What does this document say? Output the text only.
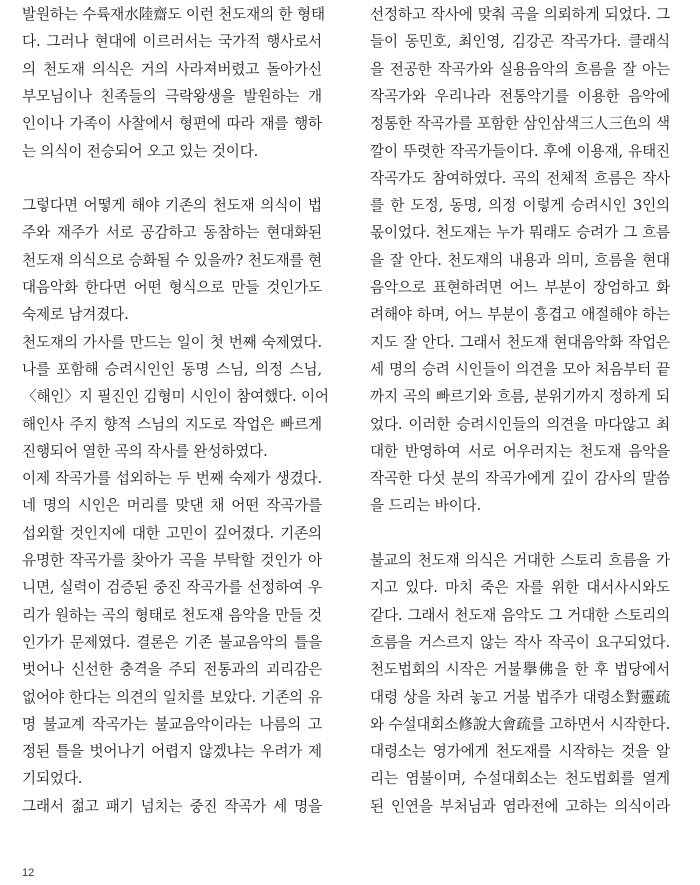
발원하는 수륙재水陸齋도 이런 천도재의 한 형태
다. 그러나 현대에 이르러서는 국가적 행사로서
의 천도재 의식은 거의 사라져버렸고 돌아가신
부모님이나 친족들의 극락왕생을 발원하는 개
인이나 가족이 사찰에서 형편에 따라 재를 행하
는 의식이 전승되어 오고 있는 것이다.
그렇다면 어떻게 해야 기존의 천도재 의식이 법
주와 재주가 서로 공감하고 동참하는 현대화된
천도재 의식으로 승화될 수 있을까? 천도재를 현
대음악화 한다면 어떤 형식으로 만들 것인가도
숙제로 남겨졌다.
천도재의 가사를 만드는 일이 첫 번째 숙제였다.
나를 포함해 승려시인인 동명 스님, 의정 스님,
〈해인〉지 필진인 김형미 시인이 참여했다. 이어
해인사 주지 향적 스님의 지도로 작업은 빠르게
진행되어 열한 곡의 작사를 완성하였다.
이제 작곡가를 섭외하는 두 번째 숙제가 생겼다.
네 명의 시인은 머리를 맞댄 채 어떤 작곡가를
섭외할 것인지에 대한 고민이 깊어졌다. 기존의
유명한 작곡가를 찾아가 곡을 부탁할 것인가 아
니면, 실력이 검증된 중진 작곡가를 선정하여 우
리가 원하는 곡의 형태로 천도재 음악을 만들 것
인가가 문제였다. 결론은 기존 불교음악의 틀을
벗어나 신선한 충격을 주되 전통과의 괴리감은
없어야 한다는 의견의 일치를 보았다. 기존의 유
명 불교계 작곡가는 불교음악이라는 나름의 고
정된 틀을 벗어나기 어렵지 않겠냐는 우려가 제
기되었다.
그래서 젊고 패기 넘치는 중진 작곡가 세 명을
선정하고 작사에 맞춰 곡을 의뢰하게 되었다. 그
들이 동민호, 최인영, 김강곤 작곡가다. 클래식
을 전공한 작곡가와 실용음악의 흐름을 잘 아는
작곡가와 우리나라 전통악기를 이용한 음악에
정통한 작곡가를 포함한 삼인삼색三人三色의 색
깔이 뚜렷한 작곡가들이다. 후에 이용재, 유태진
작곡가도 참여하였다. 곡의 전체적 흐름은 작사
를 한 도정, 동명, 의정 이렇게 승려시인 3인의
몫이었다. 천도재는 누가 뭐래도 승려가 그 흐름
을 잘 안다. 천도재의 내용과 의미, 흐름을 현대
음악으로 표현하려면 어느 부분이 장엄하고 화
려해야 하며, 어느 부분이 흥겹고 애절해야 하는
지도 잘 안다. 그래서 천도재 현대음악화 작업은
세 명의 승려 시인들이 의견을 모아 처음부터 끝
까지 곡의 빠르기와 흐름, 분위기까지 정하게 되
었다. 이러한 승려시인들의 의견을 마다않고 최
대한 반영하여 서로 어우러지는 천도재 음악을
작곡한 다섯 분의 작곡가에게 깊이 감사의 말씀
을 드리는 바이다.
불교의 천도재 의식은 거대한 스토리 흐름을 가
지고 있다. 마치 죽은 자를 위한 대서사시와도
같다. 그래서 천도재 음악도 그 거대한 스토리의
흐름을 거스르지 않는 작사 작곡이 요구되었다.
천도법회의 시작은 거불擧佛을 한 후 법당에서
대령 상을 차려 놓고 거불 법주가 대령소對靈疏
와 수설대회소修說大會疏를 고하면서 시작한다.
대령소는 영가에게 천도재를 시작하는 것을 알
리는 염불이며, 수설대회소는 천도법회를 열게
된 인연을 부처님과 염라전에 고하는 의식이라
12
